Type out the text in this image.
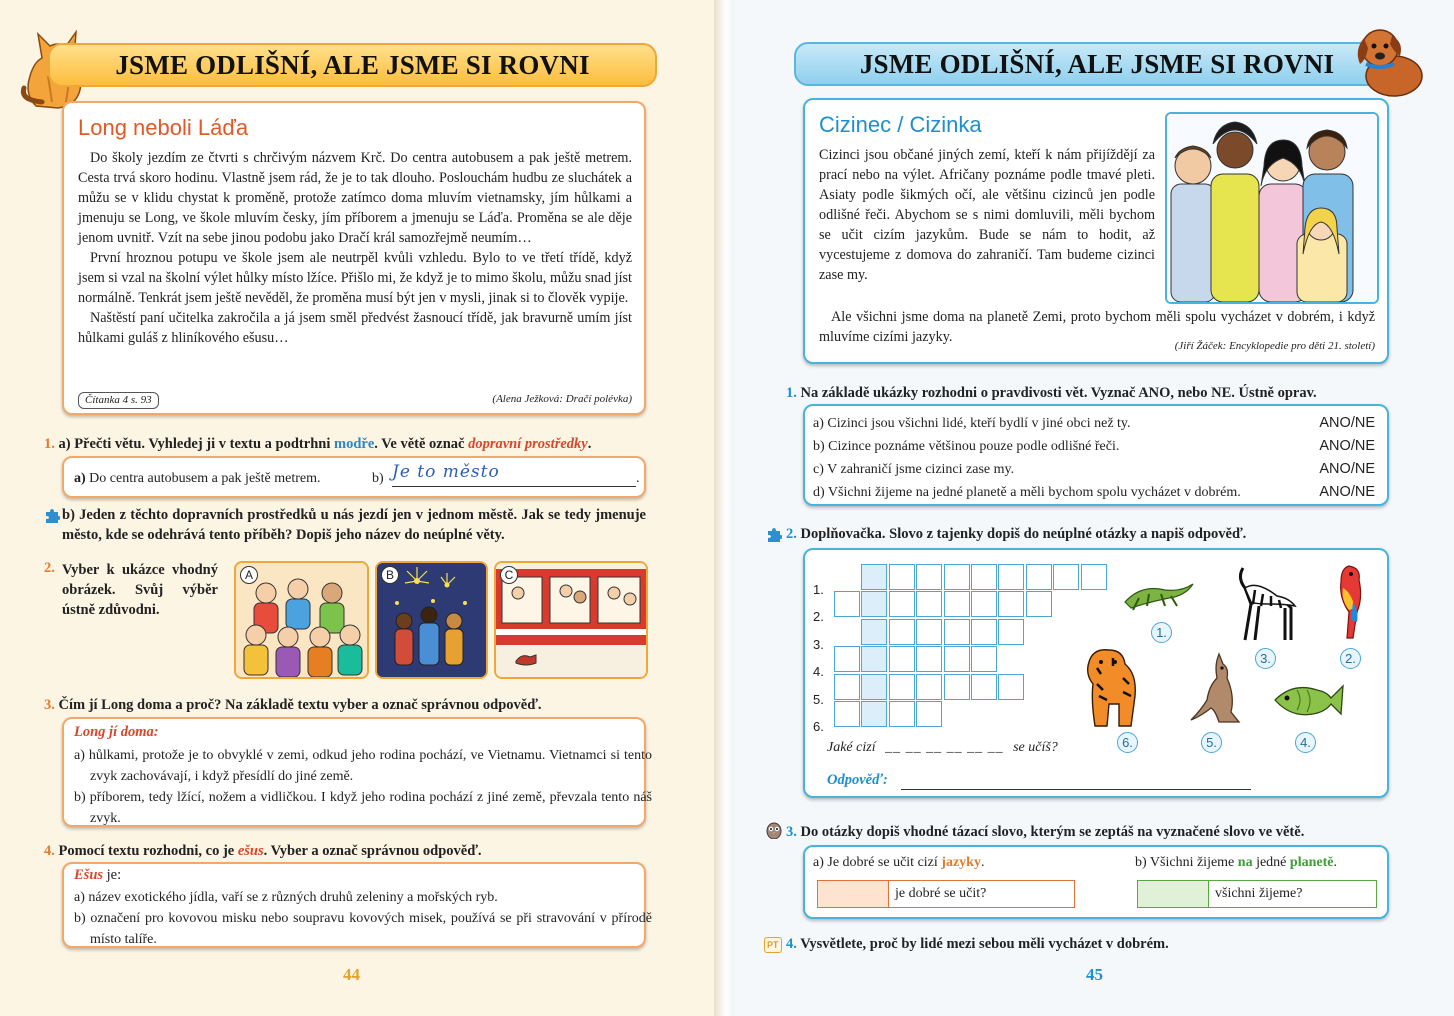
JSME ODLIŠNÍ, ALE JSME SI ROVNI
Long neboli Láďa

Do školy jezdím ze čtvrti s chrčivým názvem Krč. Do centra autobusem a pak ještě metrem. Cesta trvá skoro hodinu. Vlastně jsem rád, že je to tak dlouho. Poslouchám hudbu ze sluchátek a můžu se v klidu chystat k proměně, protože zatímco doma mluvím vietnamsky, jím hůlkami a jmenuju se Long, ve škole mluvím česky, jím příborem a jmenuju se Láďa. Proměna se ale děje jenom uvnitř. Vzít na sebe jinou podobu jako Dračí král samozřejmě neumím…

První hroznou potupu ve škole jsem ale neutrpěl kvůli vzhledu. Bylo to ve třetí třídě, když jsem si vzal na školní výlet hůlky místo lžíce. Přišlo mi, že když je to mimo školu, můžu snad jíst normálně. Tenkrát jsem ještě nevěděl, že proměna musí být jen v mysli, jinak si to člověk vypije.

Naštěstí paní učitelka zakročila a já jsem směl předvést žasnoucí třídě, jak bravurně umím jíst hůlkami guláš z hliníkového ešusu…

Čítanka 4 s. 93	(Alena Ježková: Dračí polévka)
1. a) Přečti větu. Vyhledej ji v textu a podtrhni modře. Ve větě označ dopravní prostředky.
a) Do centra autobusem a pak ještě metrem.	b) Je to město	.
b) Jeden z těchto dopravních prostředků u nás jezdí jen v jednom městě. Jak se tedy jmenuje město, kde se odehrává tento příběh? Dopiš jeho název do neúplné věty.
2. Vyber k ukázce vhodný obrázek. Svůj výběr ústně zdůvodni.
A	B	C
3. Čím jí Long doma a proč? Na základě textu vyber a označ správnou odpověď.
Long jí doma:
a) hůlkami, protože je to obvyklé v zemi, odkud jeho rodina pochází, ve Vietnamu. Vietnamci si tento zvyk zachovávají, i když přesídlí do jiné země.
b) příborem, tedy lžící, nožem a vidličkou. I když jeho rodina pochází z jiné země, převzala tento náš zvyk.
4. Pomocí textu rozhodni, co je ešus. Vyber a označ správnou odpověď.
Ešus je:
a) název exotického jídla, vaří se z různých druhů zeleniny a mořských ryb.
b) označení pro kovovou misku nebo soupravu kovových misek, používá se při stravování v přírodě místo talíře.
44
JSME ODLIŠNÍ, ALE JSME SI ROVNI
Cizinec / Cizinka
Cizinci jsou občané jiných zemí, kteří k nám přijíždějí za prací nebo na výlet. Afričany poznáme podle tmavé pleti. Asiaty podle šikmých očí, ale většinu cizinců jen podle odlišné řeči. Abychom se s nimi domluvili, měli bychom se učit cizím jazykům. Bude se nám to hodit, až vycestujeme z domova do zahraničí. Tam budeme cizinci zase my.

Ale všichni jsme doma na planetě Zemi, proto bychom měli spolu vycházet v dobrém, i když mluvíme cizími jazyky.

(Jiří Žáček: Encyklopedie pro děti 21. století)
1. Na základě ukázky rozhodni o pravdivosti vět. Vyznač ANO, nebo NE. Ústně oprav.
a) Cizinci jsou všichni lidé, kteří bydlí v jiné obci než ty.	ANO/NE
b) Cizince poznáme většinou pouze podle odlišné řeči.	ANO/NE
c) V zahraničí jsme cizinci zase my.	ANO/NE
d) Všichni žijeme na jedné planetě a měli bychom spolu vycházet v dobrém.	ANO/NE
2. Doplňovačka. Slovo z tajenky dopiš do neúplné otázky a napiš odpověď.
1.
2.
3.
4.
5.
6.
Jaké cizí __ __ __ __ __ __ se učíš?
Odpověď:
1.
3.	2.
6.	5.	4.
3. Do otázky dopiš vhodné tázací slovo, kterým se zeptáš na vyznačené slovo ve větě.
a) Je dobré se učit cizí jazyky.	b) Všichni žijeme na jedné planetě.
je dobré se učit?	všichni žijeme?
PT 4. Vysvětlete, proč by lidé mezi sebou měli vycházet v dobrém.
45
